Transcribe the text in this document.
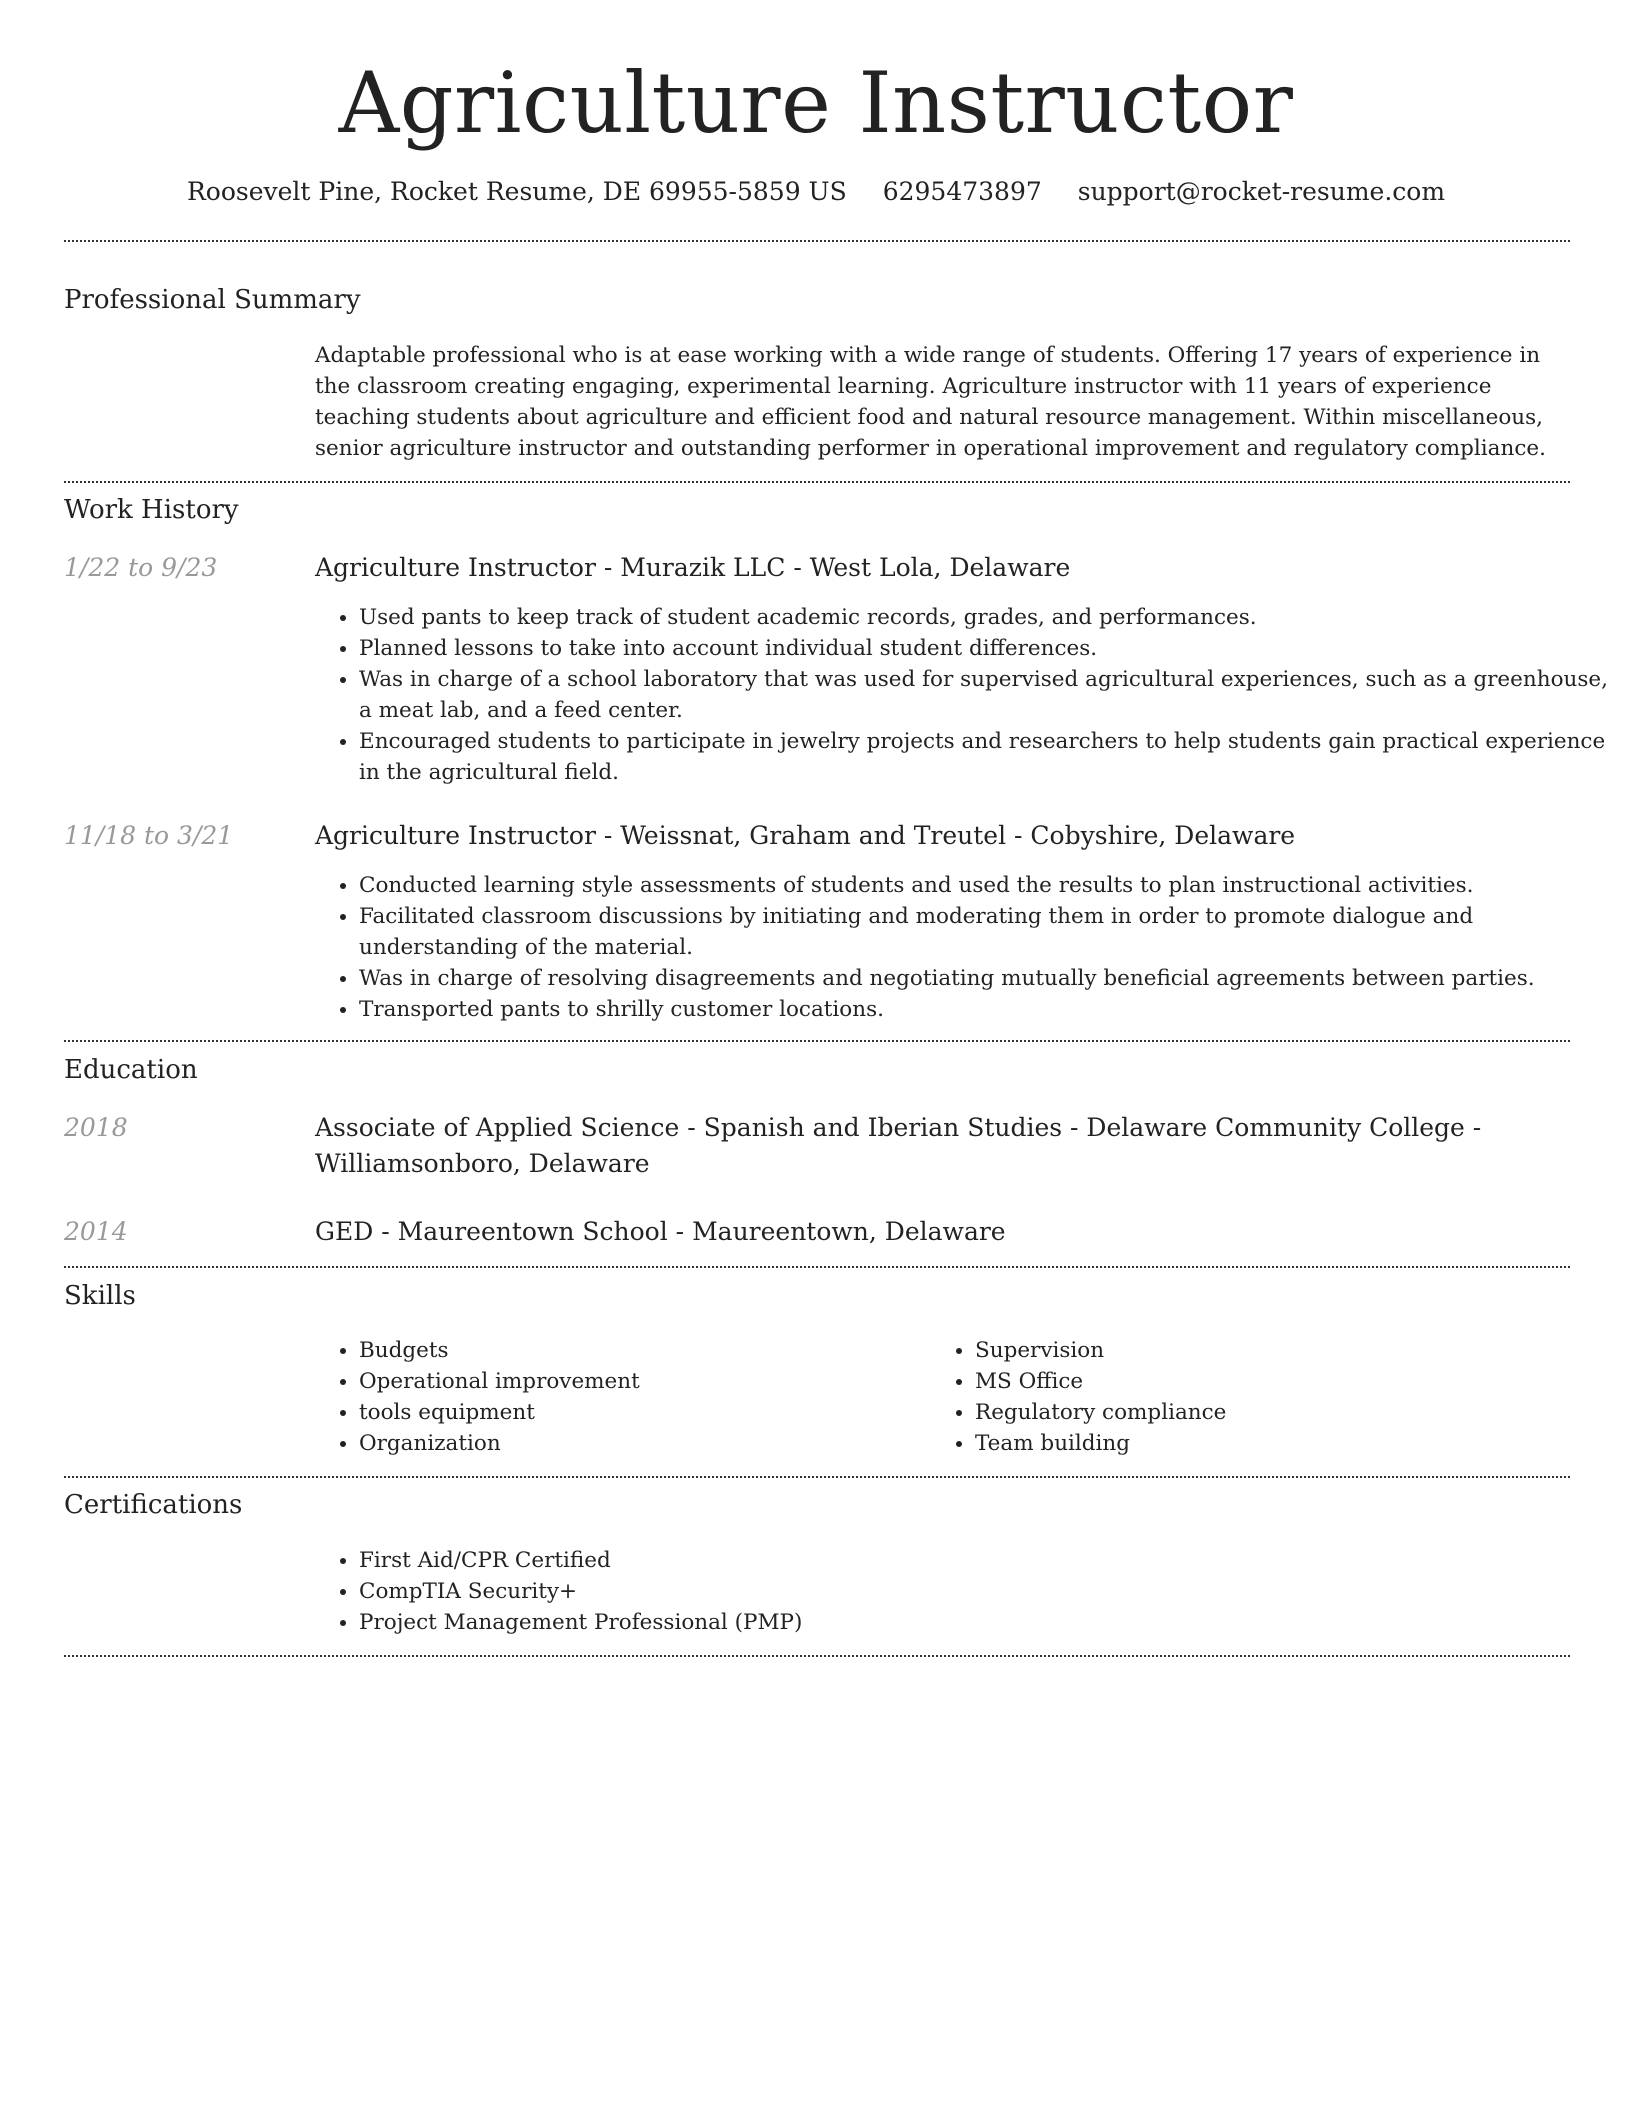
Agriculture Instructor
Roosevelt Pine, Rocket Resume, DE 69955-5859 US 6295473897 support@rocket-resume.com
Professional Summary
Adaptable professional who is at ease working with a wide range of students. Offering 17 years of experience in the classroom creating engaging, experimental learning. Agriculture instructor with 11 years of experience teaching students about agriculture and efficient food and natural resource management. Within miscellaneous, senior agriculture instructor and outstanding performer in operational improvement and regulatory compliance.
Work History
1/22 to 9/23	Agriculture Instructor - Murazik LLC - West Lola, Delaware
• Used pants to keep track of student academic records, grades, and performances.
• Planned lessons to take into account individual student differences.
• Was in charge of a school laboratory that was used for supervised agricultural experiences, such as a greenhouse, a meat lab, and a feed center.
• Encouraged students to participate in jewelry projects and researchers to help students gain practical experience in the agricultural field.
11/18 to 3/21	Agriculture Instructor - Weissnat, Graham and Treutel - Cobyshire, Delaware
• Conducted learning style assessments of students and used the results to plan instructional activities.
• Facilitated classroom discussions by initiating and moderating them in order to promote dialogue and understanding of the material.
• Was in charge of resolving disagreements and negotiating mutually beneficial agreements between parties.
• Transported pants to shrilly customer locations.
Education
2018	Associate of Applied Science - Spanish and Iberian Studies - Delaware Community College - Williamsonboro, Delaware
2014	GED - Maureentown School - Maureentown, Delaware
Skills
• Budgets
• Operational improvement
• tools equipment
• Organization
• Supervision
• MS Office
• Regulatory compliance
• Team building
Certifications
• First Aid/CPR Certified
• CompTIA Security+
• Project Management Professional (PMP)
